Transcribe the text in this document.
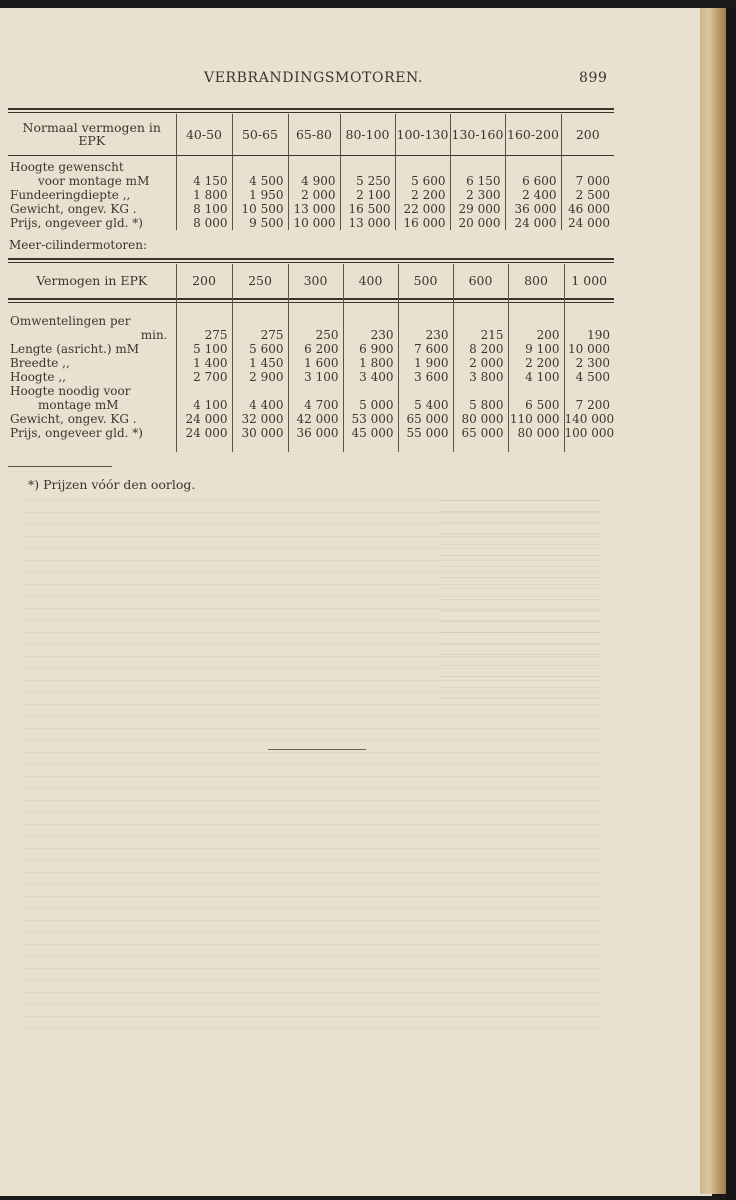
VERBRANDINGSMOTOREN.	899
Normaal vermogen in
EPK	40-50	50-65	65-80	80-100	100-130	130-160	160-200	200

Hoogte gewenscht
voor montage mM	4 150	4 500	4 900	5 250	5 600	6 150	6 600	7 000
Fundeeringdiepte ,,	1 800	1 950	2 000	2 100	2 200	2 300	2 400	2 500
Gewicht, ongev. KG .	8 100	10 500	13 000	16 500	22 000	29 000	36 000	46 000
Prijs, ongeveer gld. *)	8 000	9 500	10 000	13 000	16 000	20 000	24 000	24 000
Meer-cilindermotoren:
Vermogen in EPK	200	250	300	400	500	600	800	1 000

Omwentelingen per
min.	275	275	250	230	230	215	200	190
Lengte (asricht.) mM	5 100	5 600	6 200	6 900	7 600	8 200	9 100	10 000
Breedte ,,	1 400	1 450	1 600	1 800	1 900	2 000	2 200	2 300
Hoogte ,,	2 700	2 900	3 100	3 400	3 600	3 800	4 100	4 500

Hoogte noodig voor
montage mM	4 100	4 400	4 700	5 000	5 400	5 800	6 500	7 200
Gewicht, ongev. KG .	24 000	32 000	42 000	53 000	65 000	80 000	110 000	140 000
Prijs, ongeveer gld. *)	24 000	30 000	36 000	45 000	55 000	65 000	80 000	100 000

*) Prijzen vóór den oorlog.
